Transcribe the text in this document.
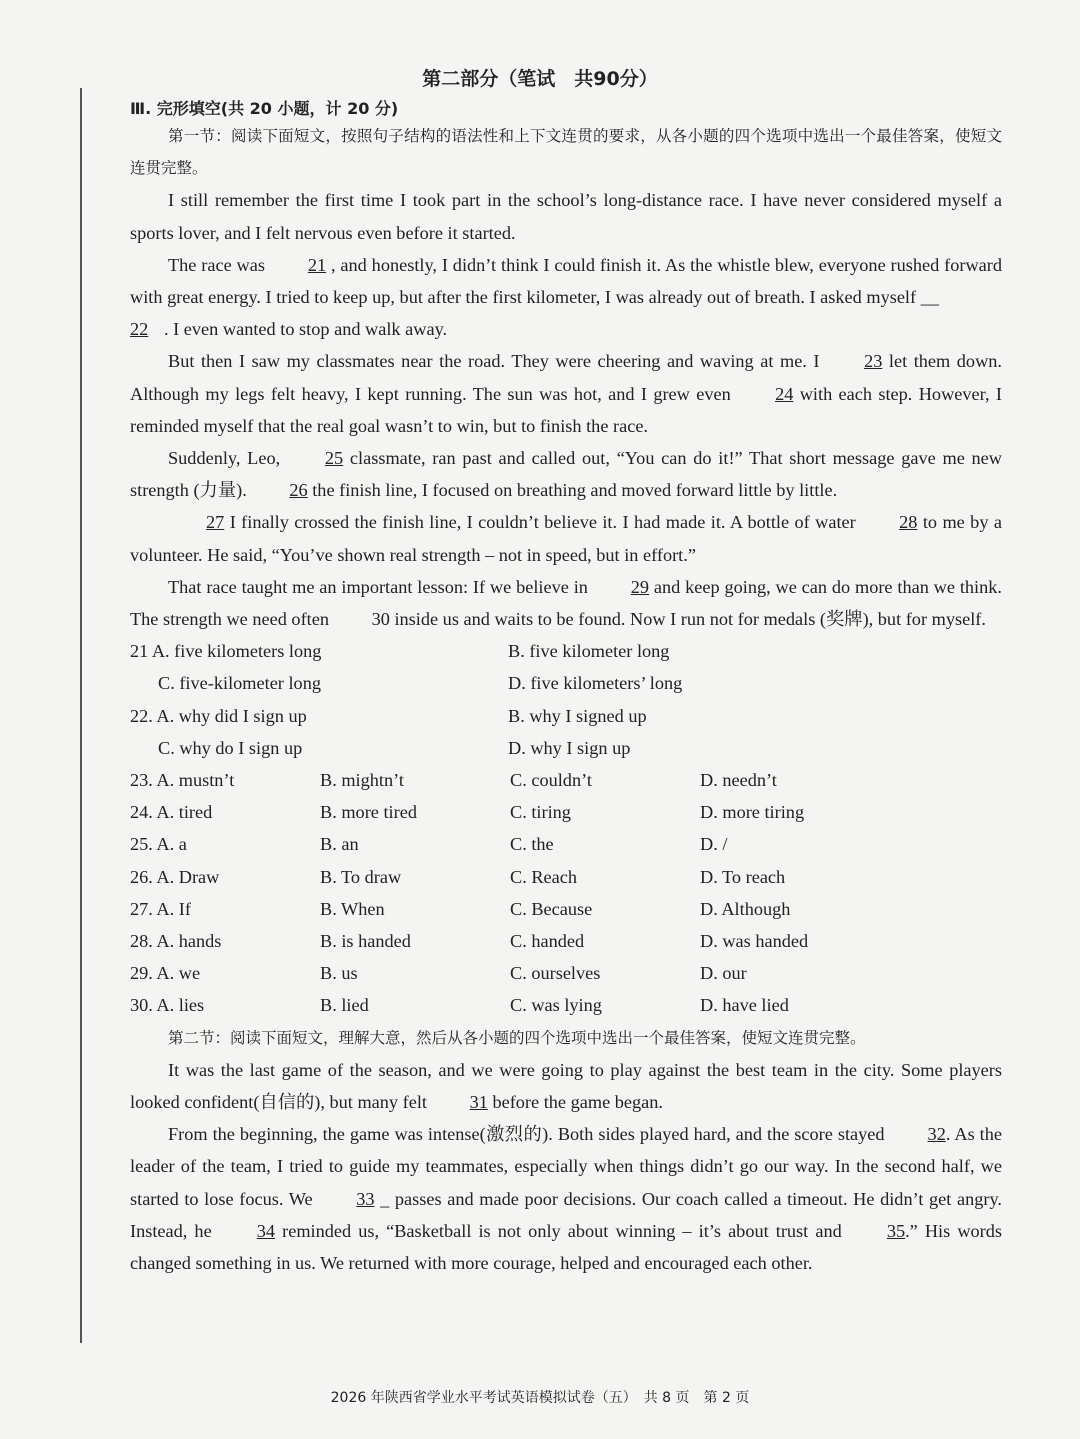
第二部分（笔试　共90分）
Ⅲ. 完形填空(共 20 小题，计 20 分)

第一节：阅读下面短文，按照句子结构的语法性和上下文连贯的要求，从各小题的四个选项中选出一个最佳答案，使短文连贯完整。

I still remember the first time I took part in the school’s long-distance race. I have never considered myself a sports lover, and I felt nervous even before it started.

The race was 21 , and honestly, I didn’t think I could finish it. As the whistle blew, everyone rushed forward with great energy. I tried to keep up, but after the first kilometer, I was already out of breath. I asked myself __

22 . I even wanted to stop and walk away.

But then I saw my classmates near the road. They were cheering and waving at me. I 23 let them down. Although my legs felt heavy, I kept running. The sun was hot, and I grew even 24 with each step. However, I reminded myself that the real goal wasn’t to win, but to finish the race.

Suddenly, Leo, 25 classmate, ran past and called out, “You can do it!” That short message gave me new strength (力量). 26 the finish line, I focused on breathing and moved forward little by little.

27 I finally crossed the finish line, I couldn’t believe it. I had made it. A bottle of water 28 to me by a volunteer. He said, “You’ve shown real strength – not in speed, but in effort.”

That race taught me an important lesson: If we believe in 29 and keep going, we can do more than we think. The strength we need often 30 inside us and waits to be found. Now I run not for medals (奖牌), but for myself.

21 A. five kilometers long	B. five kilometer long
C. five-kilometer long	D. five kilometers’ long
22. A. why did I sign up	B. why I signed up
C. why do I sign up	D. why I sign up
23. A. mustn’t	B. mightn’t	C. couldn’t	D. needn’t
24. A. tired	B. more tired	C. tiring	D. more tiring
25. A. a	B. an	C. the	D. /
26. A. Draw	B. To draw	C. Reach	D. To reach
27. A. If	B. When	C. Because	D. Although
28. A. hands	B. is handed	C. handed	D. was handed
29. A. we	B. us	C. ourselves	D. our
30. A. lies	B. lied	C. was lying	D. have lied

第二节：阅读下面短文，理解大意，然后从各小题的四个选项中选出一个最佳答案，使短文连贯完整。

It was the last game of the season, and we were going to play against the best team in the city. Some players looked confident(自信的), but many felt 31 before the game began.

From the beginning, the game was intense(激烈的). Both sides played hard, and the score stayed 32. As the leader of the team, I tried to guide my teammates, especially when things didn’t go our way. In the second half, we started to lose focus. We 33 _ passes and made poor decisions. Our coach called a timeout. He didn’t get angry. Instead, he 34 reminded us, “Basketball is not only about winning – it’s about trust and 35.” His words changed something in us. We returned with more courage, helped and encouraged each other.

2026 年陕西省学业水平考试英语模拟试卷（五）　共 8 页　第 2 页
